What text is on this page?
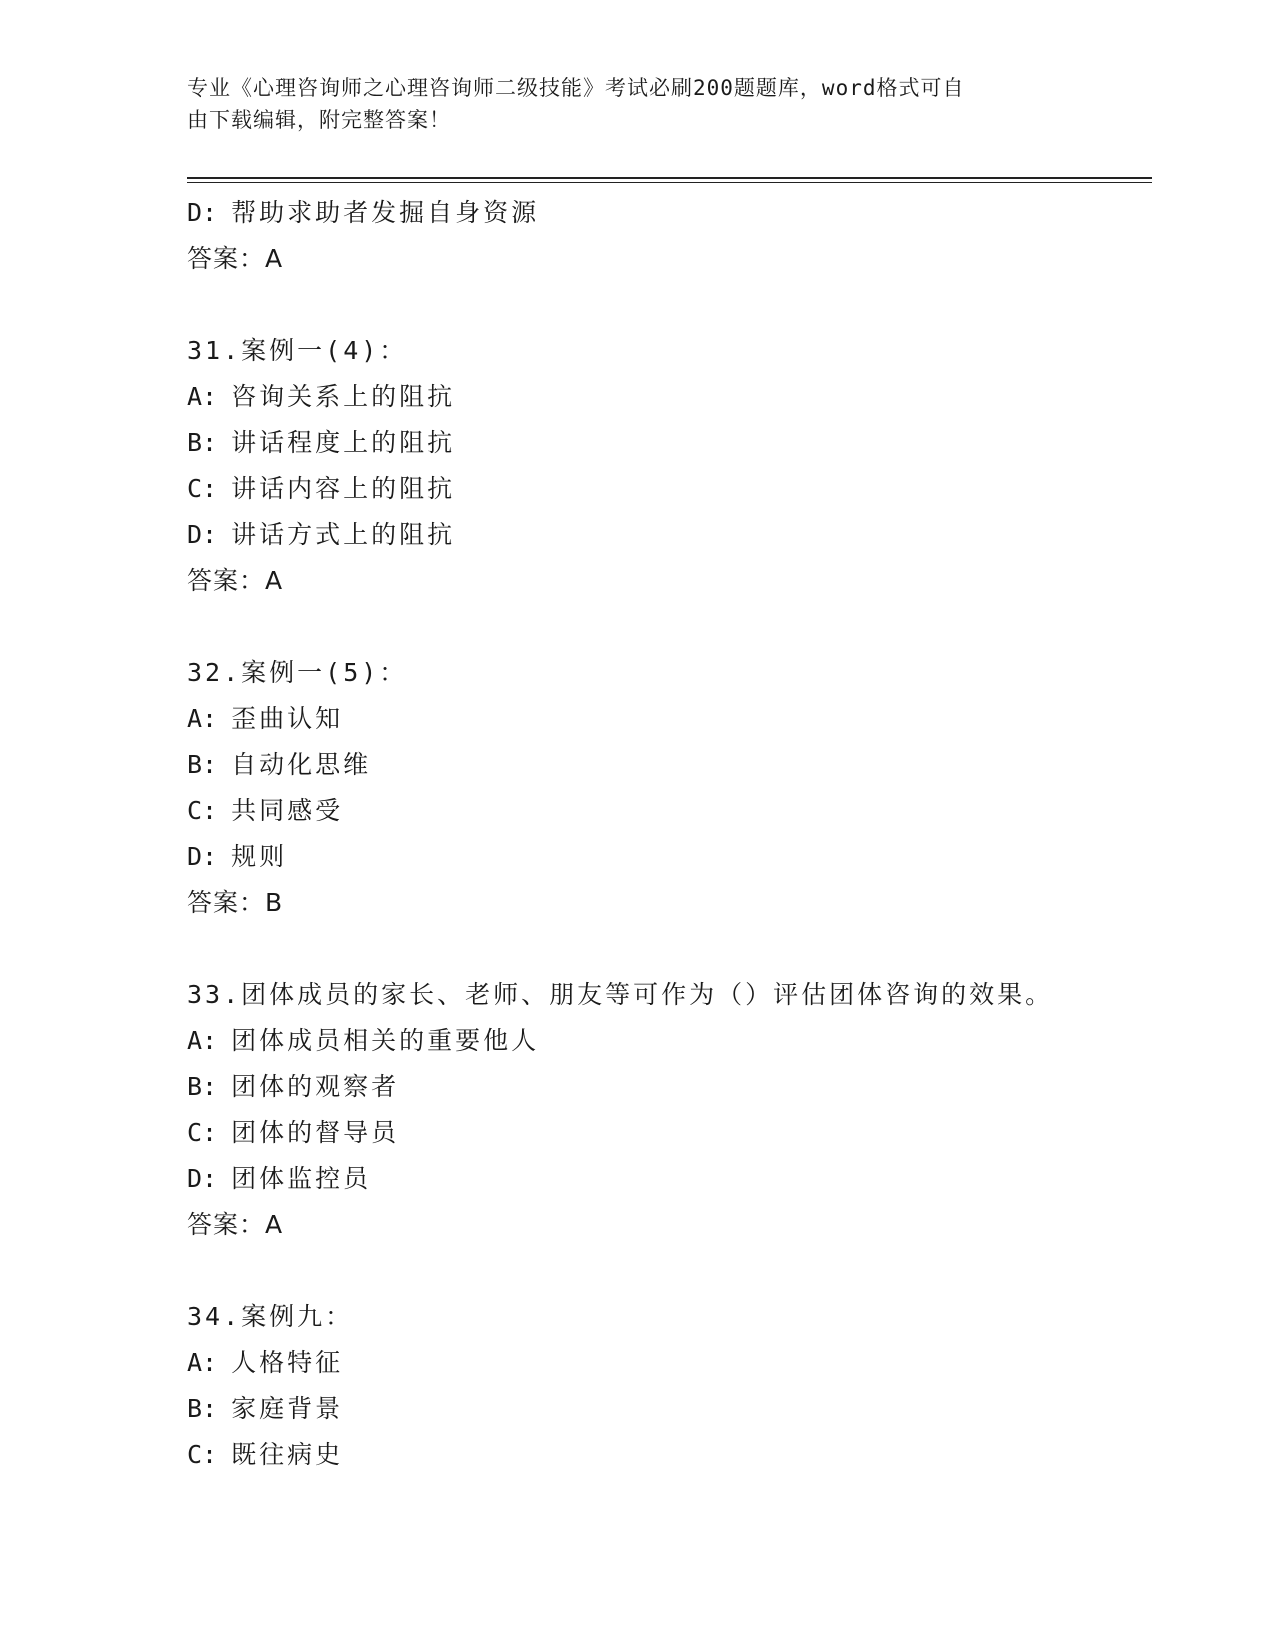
专业《心理咨询师之心理咨询师二级技能》考试必刷200题题库，word格式可自
由下载编辑，附完整答案！
D: 帮助求助者发掘自身资源
答案：A
31.案例一(4)：
A: 咨询关系上的阻抗
B: 讲话程度上的阻抗
C: 讲话内容上的阻抗
D: 讲话方式上的阻抗
答案：A
32.案例一(5)：
A: 歪曲认知
B: 自动化思维
C: 共同感受
D: 规则
答案：B
33.团体成员的家长、老师、朋友等可作为（）评估团体咨询的效果。
A: 团体成员相关的重要他人
B: 团体的观察者
C: 团体的督导员
D: 团体监控员
答案：A
34.案例九：
A: 人格特征
B: 家庭背景
C: 既往病史
